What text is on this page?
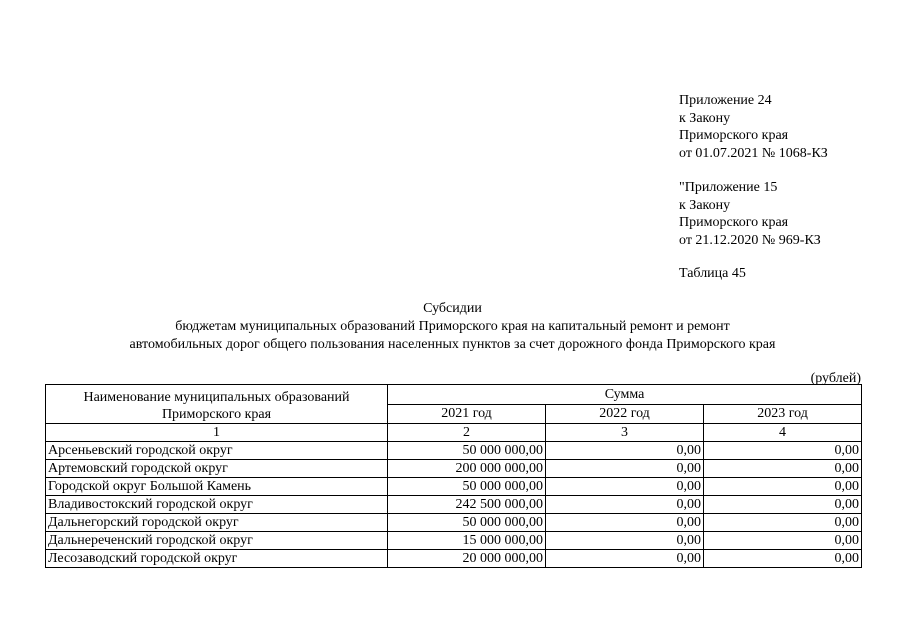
Приложение 24
к Закону
Приморского края
от 01.07.2021 № 1068-КЗ
"Приложение 15
к Закону
Приморского края
от 21.12.2020 № 969-КЗ
Таблица 45
Субсидии
бюджетам муниципальных образований Приморского края на капитальный ремонт и ремонт
автомобильных дорог общего пользования населенных пунктов за счет дорожного фонда Приморского края
(рублей)
Наименование муниципальных образований Приморского края	Сумма		
	2021 год	2022 год	2023 год
1	2	3	4
Арсеньевский городской округ	50 000 000,00	0,00	0,00
Артемовский городской округ	200 000 000,00	0,00	0,00
Городской округ Большой Камень	50 000 000,00	0,00	0,00
Владивостокский городской округ	242 500 000,00	0,00	0,00
Дальнегорский городской округ	50 000 000,00	0,00	0,00
Дальнереченский городской округ	15 000 000,00	0,00	0,00
Лесозаводский городской округ	20 000 000,00	0,00	0,00
